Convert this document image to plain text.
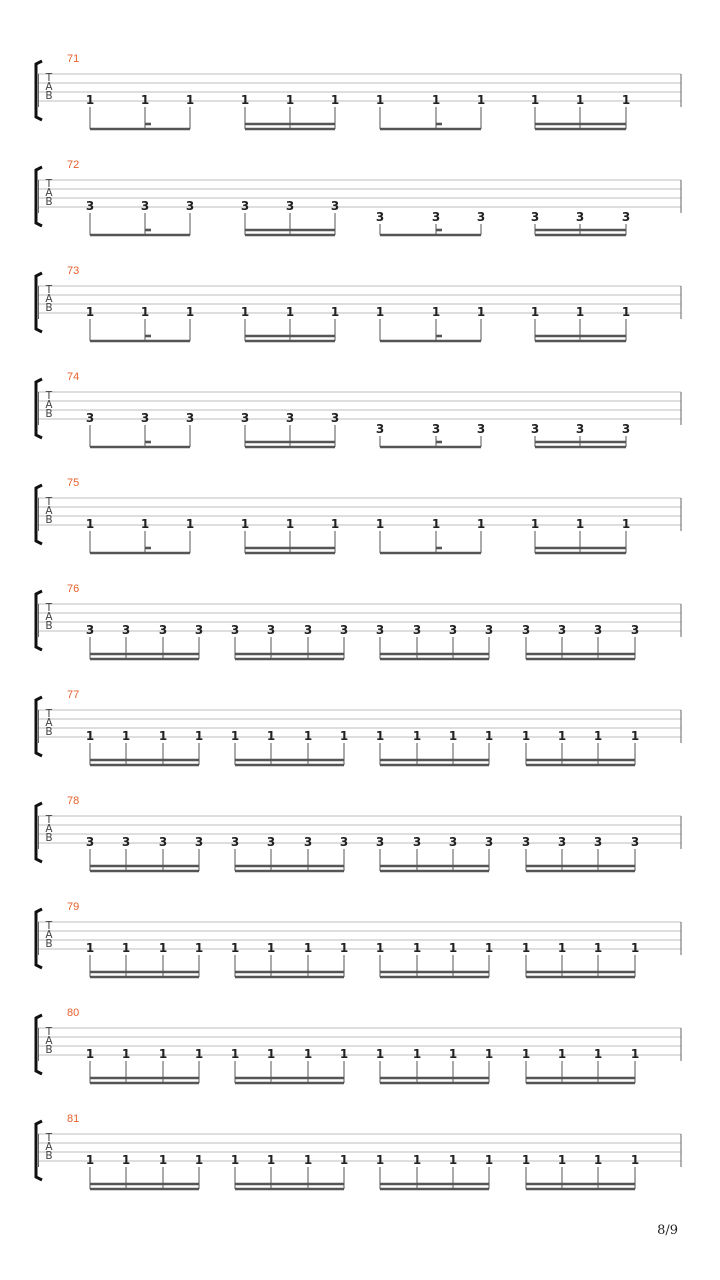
71
T
A
B	1	1	1	1	1	1	1	1	1	1	1	1
72
T
A
B	3	3	3	3	3	3
3	3	3	3	3	3
73
T
A
B	1	1	1	1	1	1	1	1	1	1	1	1
74
T
A
B	3	3	3	3	3	3
3	3	3	3	3	3
75
T
A
B	1	1	1	1	1	1	1	1	1	1	1	1
76
T
A
B	3 3 3 3 3 3 3 3 3 3 3 3 3 3 3 3
77
T
A
B	1 1 1 1 1 1 1 1 1 1 1 1 1 1 1 1
78
T
A
B	3 3 3 3 3 3 3 3 3 3 3 3 3 3 3 3
79
T
A
B	1 1 1 1 1 1 1 1 1 1 1 1 1 1 1 1
80
T
A
B	1 1 1 1 1 1 1 1 1 1 1 1 1 1 1 1
81
T
A
B	1 1 1 1 1 1 1 1 1 1 1 1 1 1 1 1
8/9
